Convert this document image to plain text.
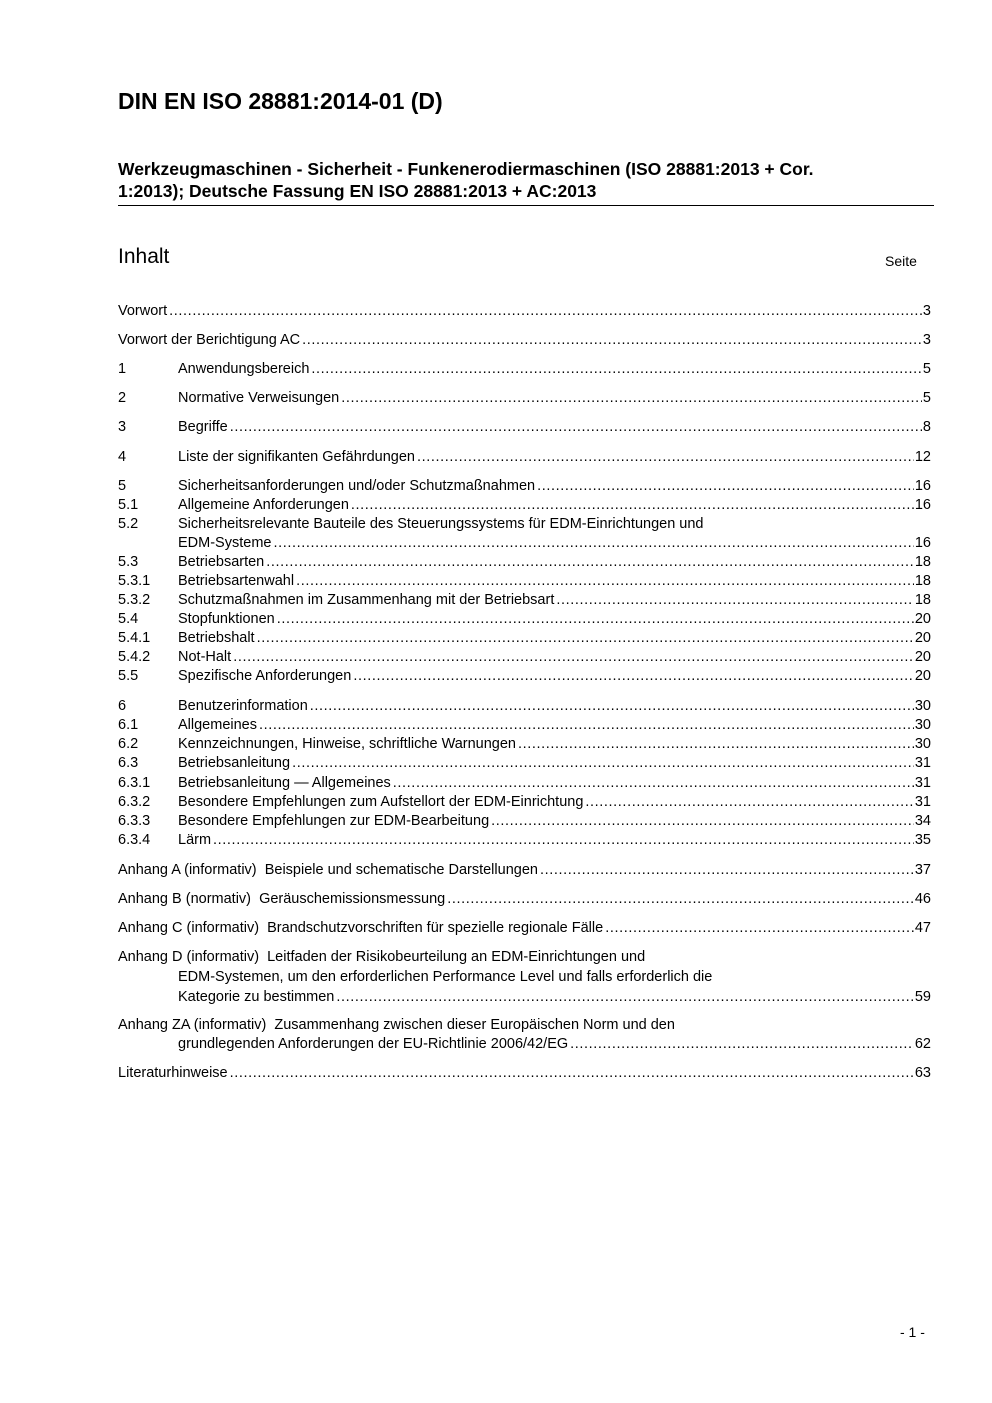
DIN EN ISO 28881:2014-01 (D)
Werkzeugmaschinen - Sicherheit - Funkenerodiermaschinen (ISO 28881:2013 + Cor.
1:2013); Deutsche Fassung EN ISO 28881:2013 + AC:2013
Inhalt	Seite
Vorwort .....	3
Vorwort der Berichtigung AC .....	3
1	Anwendungsbereich .....	5
2	Normative Verweisungen .....	5
3	Begriffe .....	8
4	Liste der signifikanten Gefährdungen .....	12
5	Sicherheitsanforderungen und/oder Schutzmaßnahmen .....	16
5.1	Allgemeine Anforderungen .....	16
5.2	Sicherheitsrelevante Bauteile des Steuerungssystems für EDM-Einrichtungen und
EDM-Systeme .....	16
5.3	Betriebsarten .....	18
5.3.1 Betriebsartenwahl .....	18
5.3.2 Schutzmaßnahmen im Zusammenhang mit der Betriebsart .....	18
5.4	Stopfunktionen .....	20
5.4.1 Betriebshalt .....	20
5.4.2 Not-Halt .....	20
5.5	Spezifische Anforderungen .....	20
6	Benutzerinformation .....	30
6.1	Allgemeines .....	30
6.2	Kennzeichnungen, Hinweise, schriftliche Warnungen .....	30
6.3	Betriebsanleitung .....	31
6.3.1 Betriebsanleitung — Allgemeines .....	31
6.3.2 Besondere Empfehlungen zum Aufstellort der EDM-Einrichtung .....	31
6.3.3 Besondere Empfehlungen zur EDM-Bearbeitung .....	34
6.3.4 Lärm .....	35
Anhang A (informativ) Beispiele und schematische Darstellungen .....	37
Anhang B (normativ) Geräuschemissionsmessung .....	46
Anhang C (informativ) Brandschutzvorschriften für spezielle regionale Fälle .....	47
Anhang D (informativ) Leitfaden der Risikobeurteilung an EDM-Einrichtungen und
EDM-Systemen, um den erforderlichen Performance Level und falls erforderlich die
Kategorie zu bestimmen .....	59
Anhang ZA (informativ) Zusammenhang zwischen dieser Europäischen Norm und den
grundlegenden Anforderungen der EU-Richtlinie 2006/42/EG .....	62
Literaturhinweise .....	63
- 1 -
